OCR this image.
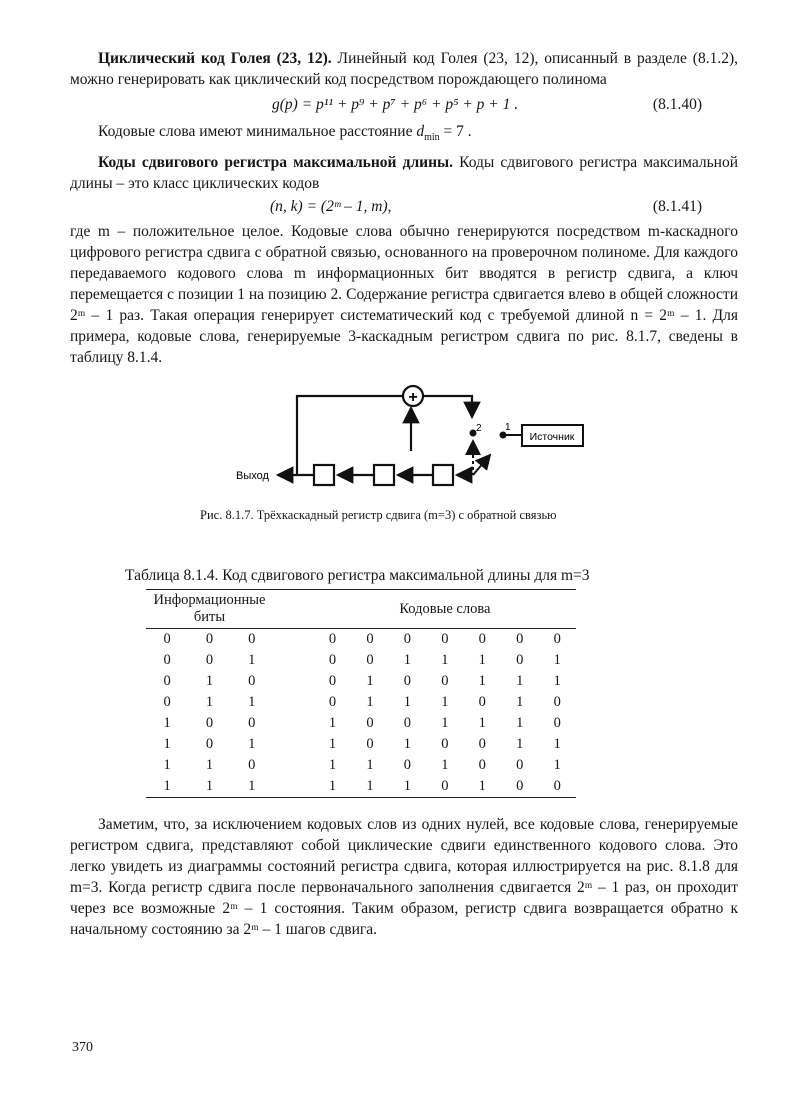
Циклический код Голея (23, 12). Линейный код Голея (23, 12), описанный в разделе (8.1.2), можно генерировать как циклический код посредством порождающего полинома

g(p) = p¹¹ + p⁹ + p⁷ + p⁶ + p⁵ + p + 1 .	(8.1.40)

Кодовые слова имеют минимальное расстояние $d_{min} = 7$ .

Коды сдвигового регистра максимальной длины. Коды сдвигового регистра максимальной длины – это класс циклических кодов

(n, k) = (2ᵐ – 1, m),	(8.1.41)

где m – положительное целое. Кодовые слова обычно генерируются посредством m-каскадного цифрового регистра сдвига с обратной связью, основанного на проверочном полиноме. Для каждого передаваемого кодового слова m информационных бит вводятся в регистр сдвига, а ключ перемещается с позиции 1 на позицию 2. Содержание регистра сдвигается влево в общей сложности 2ᵐ – 1 раз. Такая операция генерирует систематический код с требуемой длиной n = 2ᵐ – 1. Для примера, кодовые слова, генерируемые 3-каскадным регистром сдвига по рис. 8.1.7, сведены в таблицу 8.1.4.

+
Выход
2 1
Источник
Рис. 8.1.7. Трёхкаскадный регистр сдвига (m=3) с обратной связью
Таблица 8.1.4. Код сдвигового регистра максимальной длины для m=3

Информационные биты				Кодовые слова						
0	0	0		0	0	0	0	0	0	0
0	0	1		0	0	1	1	1	0	1
0	1	0		0	1	0	0	1	1	1
0	1	1		0	1	1	1	0	1	0
1	0	0		1	0	0	1	1	1	0
1	0	1		1	0	1	0	0	1	1
1	1	0		1	1	0	1	0	0	1
1	1	1		1	1	1	0	1	0	0

Заметим, что, за исключением кодовых слов из одних нулей, все кодовые слова, генерируемые регистром сдвига, представляют собой циклические сдвиги единственного кодового слова. Это легко увидеть из диаграммы состояний регистра сдвига, которая иллюстрируется на рис. 8.1.8 для m=3. Когда регистр сдвига после первоначального заполнения сдвигается 2ᵐ – 1 раз, он проходит через все возможные 2ᵐ – 1 состояния. Таким образом, регистр сдвига возвращается обратно к начальному состоянию за 2ᵐ – 1 шагов сдвига.

370
